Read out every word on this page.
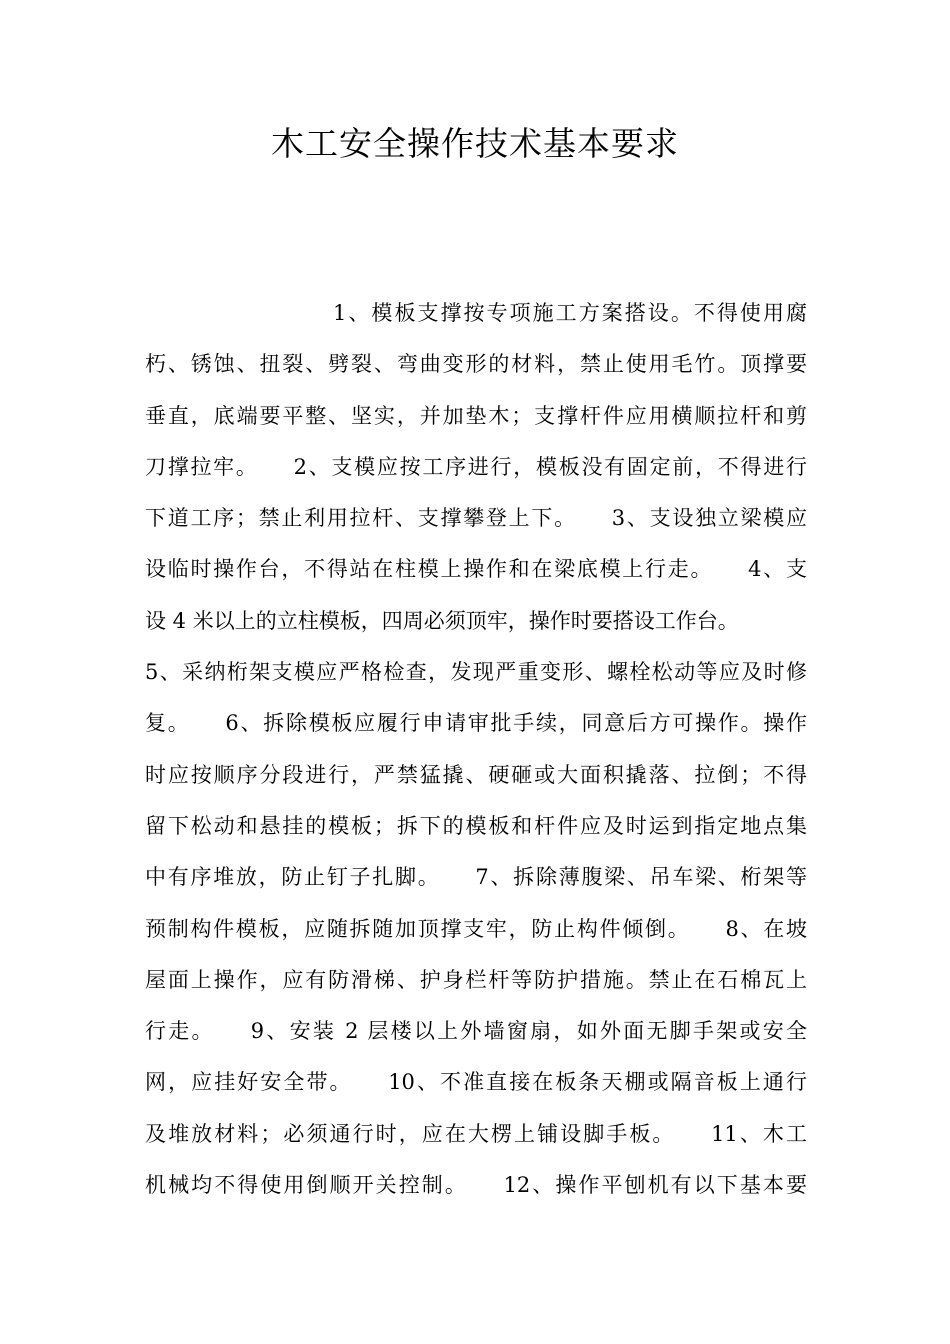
木工安全操作技术基本要求
1、模板支撑按专项施工方案搭设。不得使用腐
朽、锈蚀、扭裂、劈裂、弯曲变形的材料，禁止使用毛竹。顶撑要
垂直，底端要平整、坚实，并加垫木；支撑杆件应用横顺拉杆和剪
刀撑拉牢。　　2、支模应按工序进行，模板没有固定前，不得进行
下道工序；禁止利用拉杆、支撑攀登上下。　　3、支设独立梁模应
设临时操作台，不得站在柱模上操作和在梁底模上行走。　　4、支
设 4 米以上的立柱模板，四周必须顶牢，操作时要搭设工作台。
5、采纳桁架支模应严格检查，发现严重变形、螺栓松动等应及时修
复。　　6、拆除模板应履行申请审批手续，同意后方可操作。操作
时应按顺序分段进行，严禁猛撬、硬砸或大面积撬落、拉倒；不得
留下松动和悬挂的模板；拆下的模板和杆件应及时运到指定地点集
中有序堆放，防止钉子扎脚。　　7、拆除薄腹梁、吊车梁、桁架等
预制构件模板，应随拆随加顶撑支牢，防止构件倾倒。　　8、在坡
屋面上操作，应有防滑梯、护身栏杆等防护措施。禁止在石棉瓦上
行走。　　9、安装 2 层楼以上外墙窗扇，如外面无脚手架或安全
网，应挂好安全带。　　10、不准直接在板条天棚或隔音板上通行
及堆放材料；必须通行时，应在大楞上铺设脚手板。　　11、木工
机械均不得使用倒顺开关控制。　　12、操作平刨机有以下基本要
